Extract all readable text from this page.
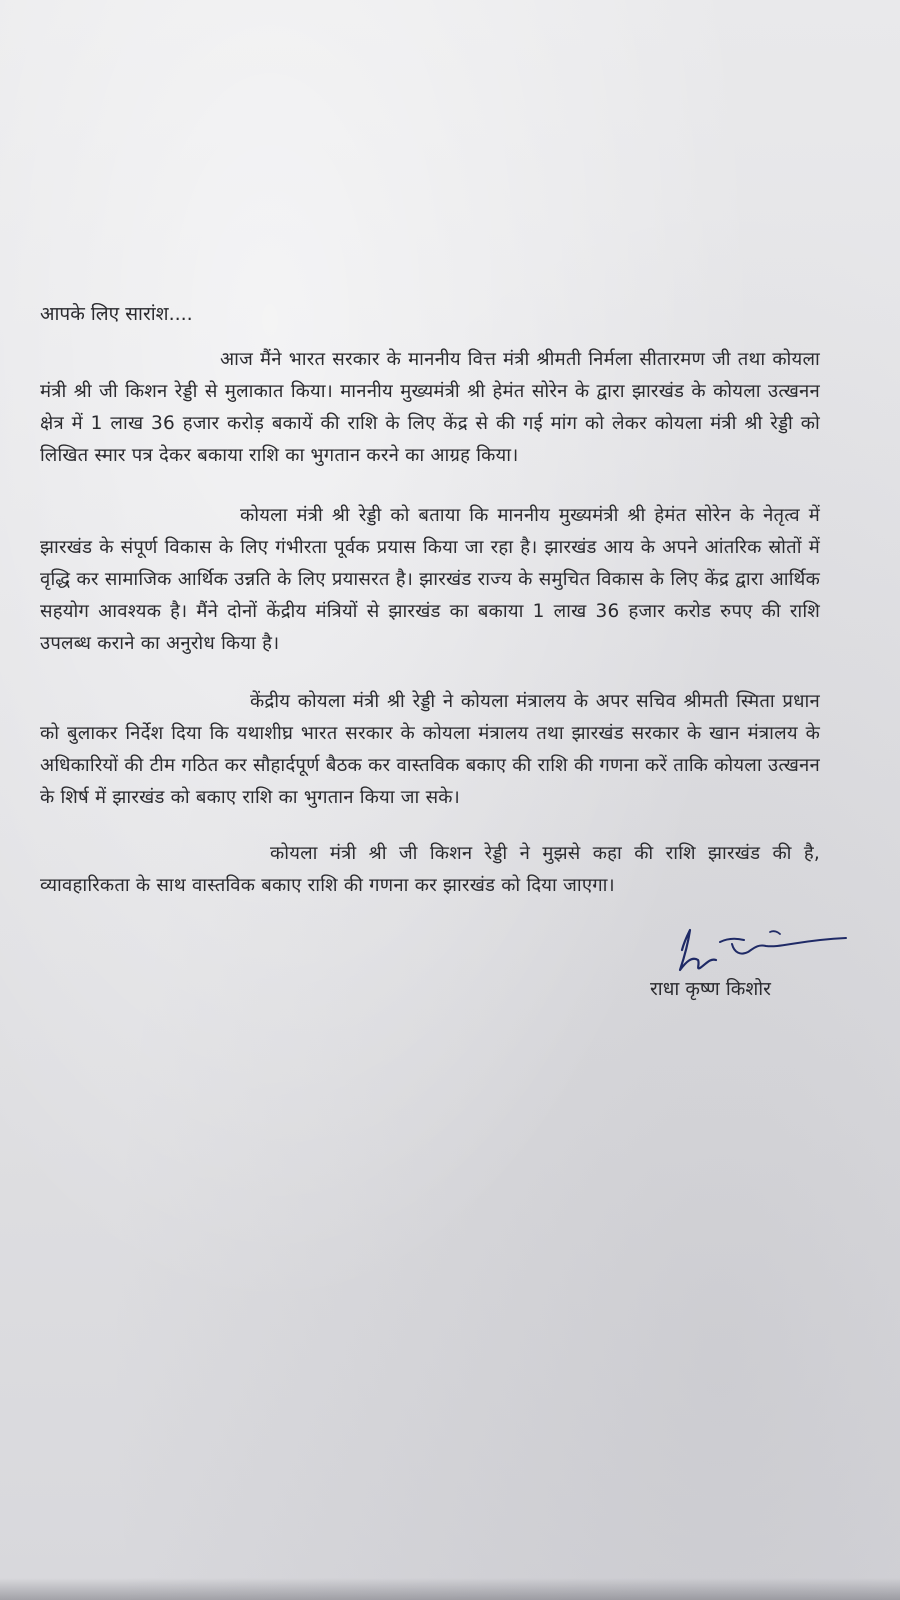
आपके लिए सारांश....

आज मैंने भारत सरकार के माननीय वित्त मंत्री श्रीमती निर्मला सीतारमण जी तथा कोयला मंत्री श्री जी किशन रेड्डी से मुलाकात किया। माननीय मुख्यमंत्री श्री हेमंत सोरेन के द्वारा झारखंड के कोयला उत्खनन क्षेत्र में 1 लाख 36 हजार करोड़ बकायें की राशि के लिए केंद्र से की गई मांग को लेकर कोयला मंत्री श्री रेड्डी को लिखित स्मार पत्र देकर बकाया राशि का भुगतान करने का आग्रह किया।

कोयला मंत्री श्री रेड्डी को बताया कि माननीय मुख्यमंत्री श्री हेमंत सोरेन के नेतृत्व में झारखंड के संपूर्ण विकास के लिए गंभीरता पूर्वक प्रयास किया जा रहा है। झारखंड आय के अपने आंतरिक स्रोतों में वृद्धि कर सामाजिक आर्थिक उन्नति के लिए प्रयासरत है। झारखंड राज्य के समुचित विकास के लिए केंद्र द्वारा आर्थिक सहयोग आवश्यक है। मैंने दोनों केंद्रीय मंत्रियों से झारखंड का बकाया 1 लाख 36 हजार करोड रुपए की राशि उपलब्ध कराने का अनुरोध किया है।

केंद्रीय कोयला मंत्री श्री रेड्डी ने कोयला मंत्रालय के अपर सचिव श्रीमती स्मिता प्रधान को बुलाकर निर्देश दिया कि यथाशीघ्र भारत सरकार के कोयला मंत्रालय तथा झारखंड सरकार के खान मंत्रालय के अधिकारियों की टीम गठित कर सौहार्दपूर्ण बैठक कर वास्तविक बकाए की राशि की गणना करें ताकि कोयला उत्खनन के शिर्ष में झारखंड को बकाए राशि का भुगतान किया जा सके।

कोयला मंत्री श्री जी किशन रेड्डी ने मुझसे कहा की राशि झारखंड की है, व्यावहारिकता के साथ वास्तविक बकाए राशि की गणना कर झारखंड को दिया जाएगा।

राधा कृष्ण किशोर
